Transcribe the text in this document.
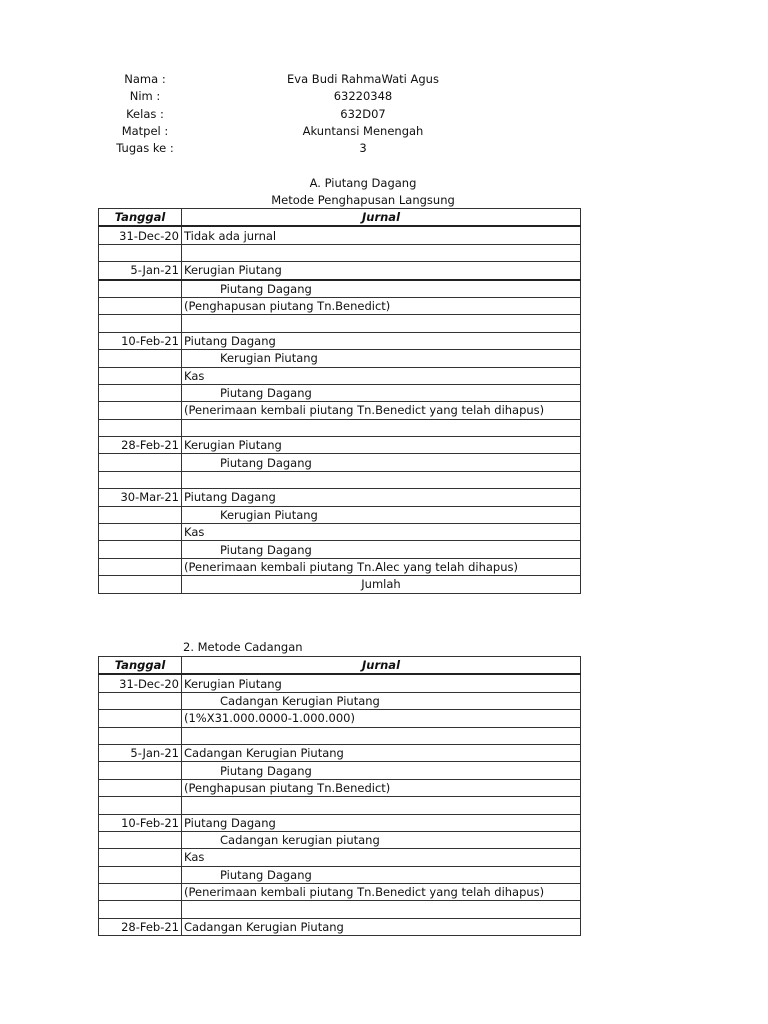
Nama :	Eva Budi RahmaWati Agus
Nim :	63220348
Kelas :	632D07
Matpel :	Akuntansi Menengah
Tugas ke :	3
A. Piutang Dagang
Metode Penghapusan Langsung
Tanggal	Jurnal
31-Dec-20	Tidak ada jurnal

5-Jan-21	Kerugian Piutang
	Piutang Dagang
	(Penghapusan piutang Tn.Benedict)

10-Feb-21	Piutang Dagang
	Kerugian Piutang
	Kas
	Piutang Dagang
	(Penerimaan kembali piutang Tn.Benedict yang telah dihapus)

28-Feb-21	Kerugian Piutang
	Piutang Dagang

30-Mar-21	Piutang Dagang
	Kerugian Piutang
	Kas
	Piutang Dagang
	(Penerimaan kembali piutang Tn.Alec yang telah dihapus)
	Jumlah
2. Metode Cadangan
Tanggal	Jurnal
31-Dec-20	Kerugian Piutang
	Cadangan Kerugian Piutang
	(1%X31.000.0000-1.000.000)

5-Jan-21	Cadangan Kerugian Piutang
	Piutang Dagang
	(Penghapusan piutang Tn.Benedict)

10-Feb-21	Piutang Dagang
	Cadangan kerugian piutang
	Kas
	Piutang Dagang
	(Penerimaan kembali piutang Tn.Benedict yang telah dihapus)

28-Feb-21	Cadangan Kerugian Piutang
